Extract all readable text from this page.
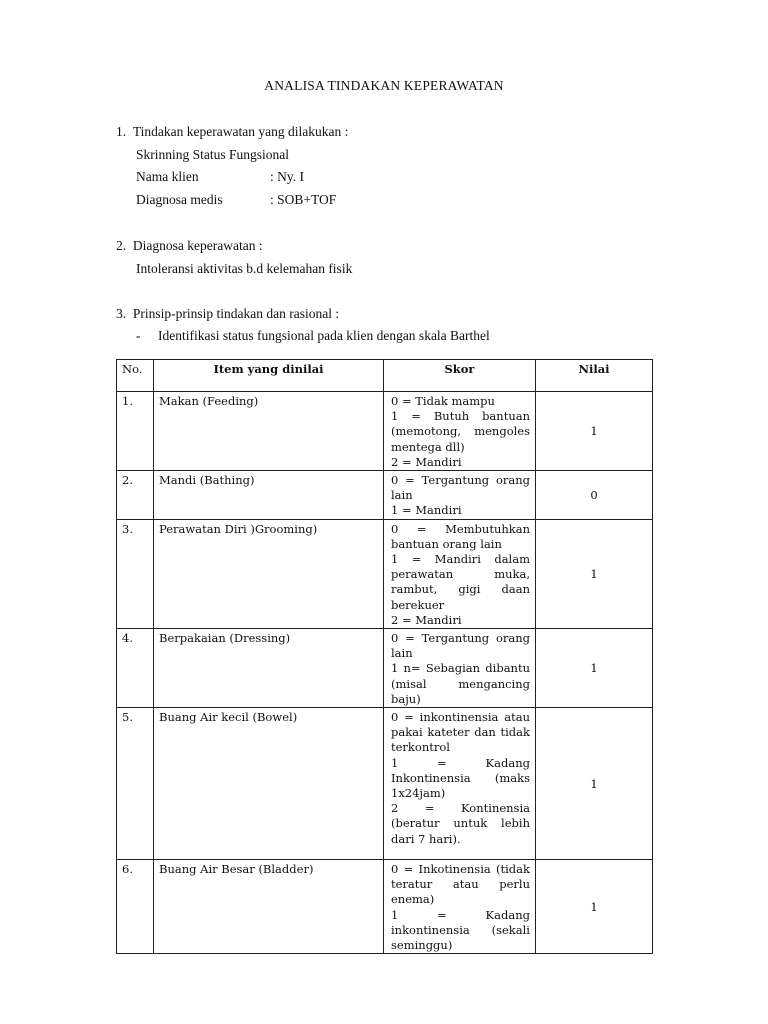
ANALISA TINDAKAN KEPERAWATAN
1.  Tindakan keperawatan yang dilakukan :
Skrinning Status Fungsional
Nama klien	: Ny. I
Diagnosa medis	: SOB+TOF
2.  Diagnosa keperawatan :
Intoleransi aktivitas b.d kelemahan fisik
3.  Prinsip-prinsip tindakan dan rasional :
- Identifikasi status fungsional pada klien dengan skala Barthel
No.	Item yang dinilai	Skor	Nilai
1.	Makan (Feeding)	0 = Tidak mampu
1 = Butuh bantuan (memotong, mengoles mentega dll)
2 = Mandiri	1
2.	Mandi (Bathing)	0 = Tergantung orang lain
1 = Mandiri	0
3.	Perawatan Diri )Grooming)	0 = Membutuhkan bantuan orang lain
1 = Mandiri dalam perawatan muka, rambut, gigi daan berekuer
2 = Mandiri	1
4.	Berpakaian (Dressing)	0 = Tergantung orang lain
1 n= Sebagian dibantu (misal mengancing baju)	1
5.	Buang Air kecil (Bowel)	0 = inkontinensia atau pakai kateter dan tidak terkontrol
1 = Kadang Inkontinensia (maks 1x24jam)
2 = Kontinensia (beratur untuk lebih dari 7 hari).	1
6.	Buang Air Besar (Bladder)	0 = Inkotinensia (tidak teratur atau perlu enema)
1 = Kadang inkontinensia (sekali seminggu)	1
